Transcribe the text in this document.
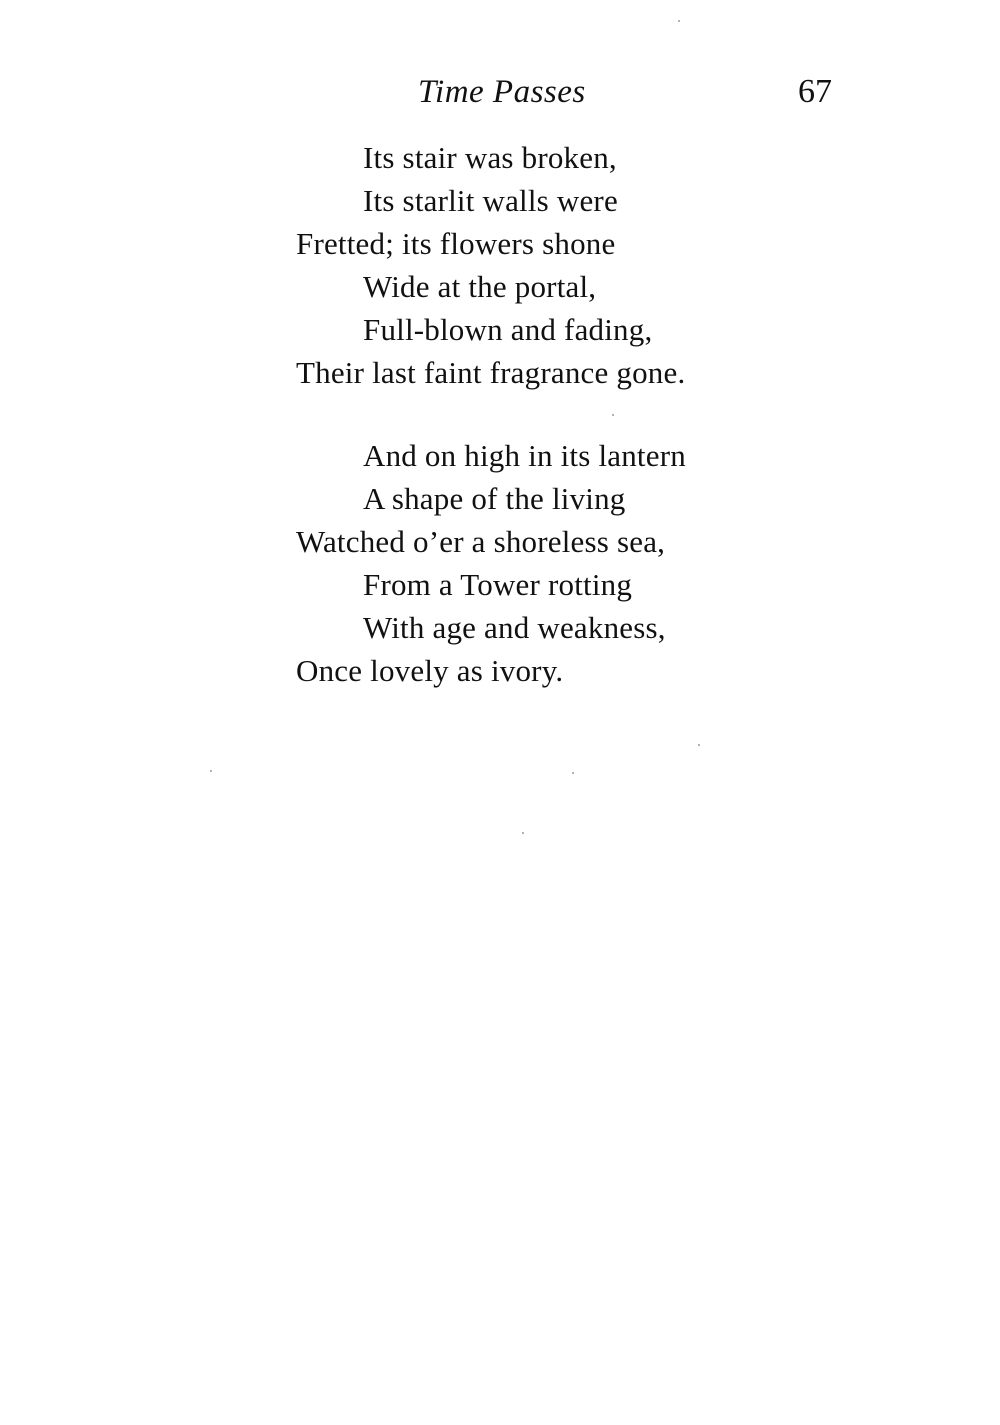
Time Passes	67
Its stair was broken,
Its starlit walls were
Fretted; its flowers shone
Wide at the portal,
Full-blown and fading,
Their last faint fragrance gone.
And on high in its lantern
A shape of the living
Watched o’er a shoreless sea,
From a Tower rotting
With age and weakness,
Once lovely as ivory.
